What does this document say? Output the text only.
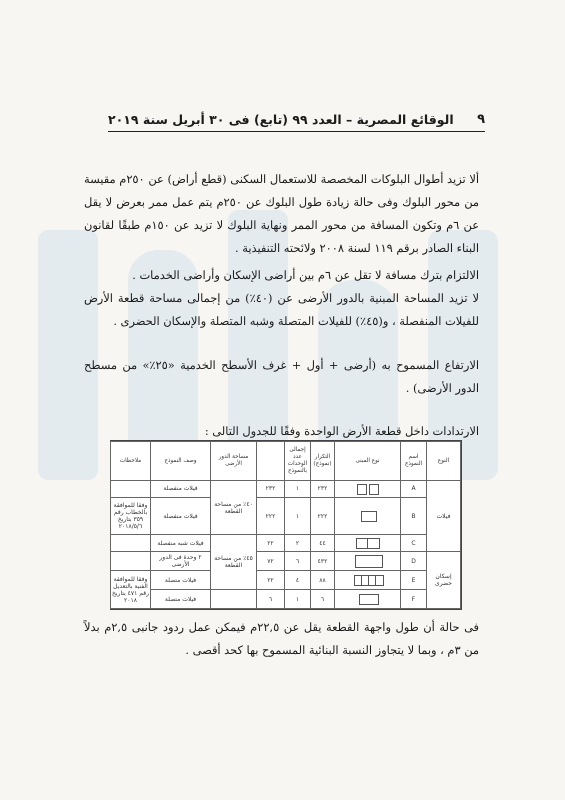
٩
الوقائع المصرية – العدد ٩٩ (تابع) فى ٣٠ أبريل سنة ٢٠١٩
ألا تزيد أطوال البلوكات المخصصة للاستعمال السكنى (قطع أراض) عن ٢٥٠م مقيسة من محور البلوك وفى حالة زيادة طول البلوك عن ٢٥٠م يتم عمل ممر بعرض لا يقل عن ٦م وتكون المسافة من محور الممر ونهاية البلوك لا تزيد عن ١٥٠م طبقًا لقانون البناء الصادر برقم ١١٩ لسنة ٢٠٠٨ ولائحته التنفيذية .
الالتزام بترك مسافة لا تقل عن ٦م بين أراضى الإسكان وأراضى الخدمات .
لا تزيد المساحة المبنية بالدور الأرضى عن (٤٠٪) من إجمالى مساحة قطعة الأرض للفيلات المنفصلة ، و(٤٥٪) للفيلات المتصلة وشبه المتصلة والإسكان الحضرى .
الارتفاع المسموح به (أرضى + أول + غرف الأسطح الخدمية «٢٥٪» من مسطح الدور الأرضى) .
الارتدادات داخل قطعة الأرض الواحدة وفقًا للجدول التالى :
النوع	اسم النموذج	نوع المبنى	التكرار (نموذج)	إجمالى عدد الوحدات بالنموذج		مساحة الدور الأرضى	وصف النموذج	ملاحظات
فيلات	A		٢٣٢	١	٢٣٢	٤٠٪ من مساحة القطعة	فيلات منفصلة	
	B		٢٢٢	١	٢٢٢		فيلات منفصلة	وفقا للموافقة بالخطاب رقم ٣٥٩ بتاريخ ٢٠١٨/٥/٦
	C		٤٤	٢	٢٢	٤٥٪ من مساحة القطعة	فيلات شبه منفصلة	
إسكان حضرى	D		٤٣٢	٦	٧٢		٢ وحدة فى الدور الأرضى	
	E		٨٨	٤	٢٢		فيلات متصلة	وفقا للموافقة الفنية بالتعديل رقم ٤٧١ بتاريخ ٢٠١٨
	F		٦	١	٦		فيلات متصلة	
فى حالة أن طول واجهة القطعة يقل عن ٢٢,٥م فيمكن عمل ردود جانبى ٢,٥م بدلاً من ٣م ، وبما لا يتجاوز النسبة البنائية المسموح بها كحد أقصى .
